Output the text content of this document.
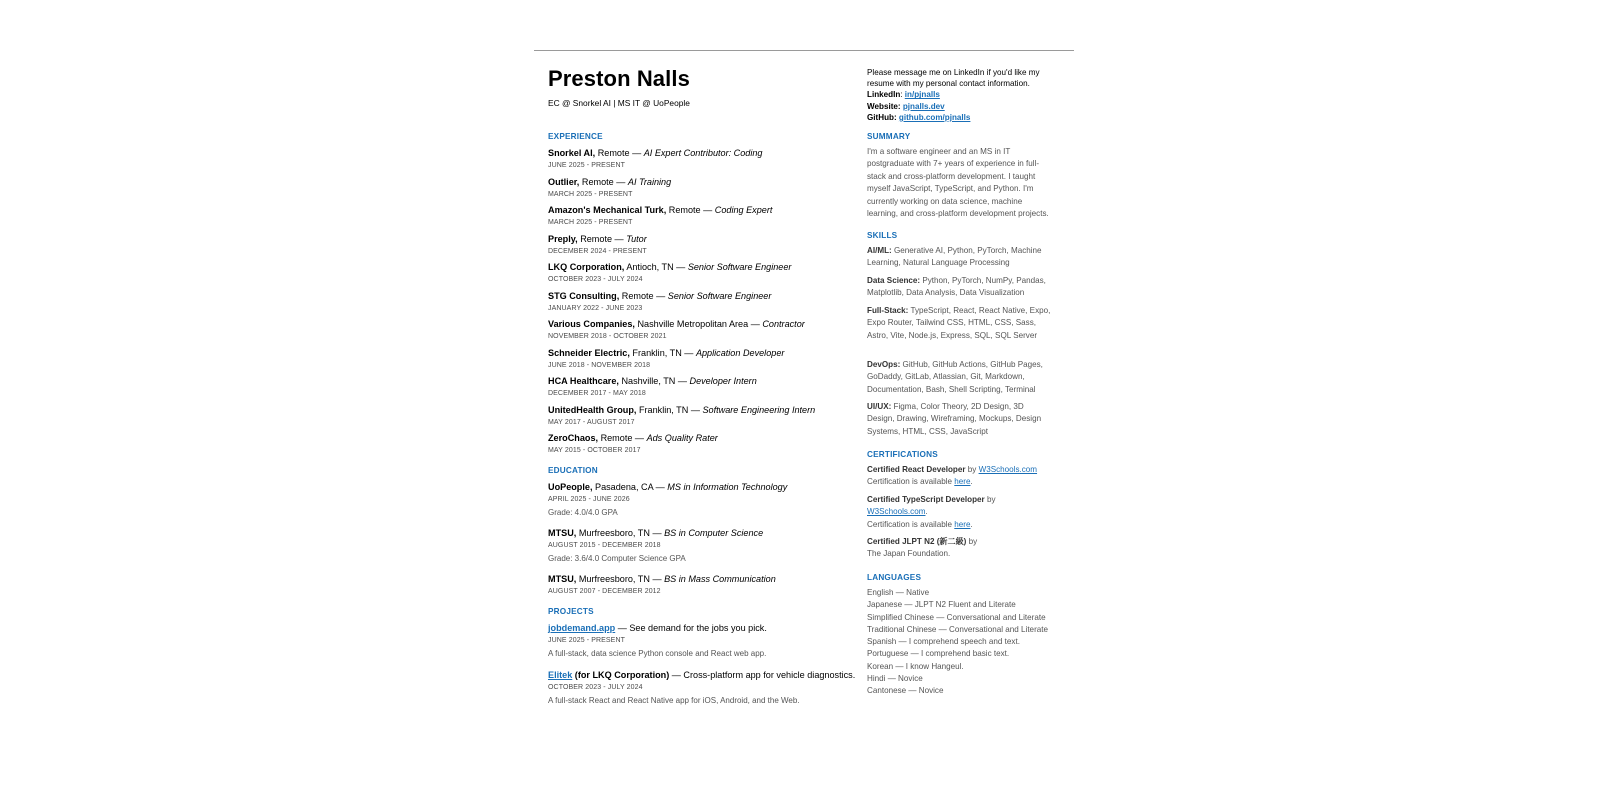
Preston Nalls
EC @ Snorkel AI | MS IT @ UoPeople
EXPERIENCE
Snorkel AI, Remote — AI Expert Contributor: Coding
JUNE 2025 - PRESENT
Outlier, Remote — AI Training
MARCH 2025 - PRESENT
Amazon's Mechanical Turk, Remote — Coding Expert
MARCH 2025 - PRESENT
Preply, Remote — Tutor
DECEMBER 2024 - PRESENT
LKQ Corporation, Antioch, TN — Senior Software Engineer
OCTOBER 2023 - JULY 2024
STG Consulting, Remote — Senior Software Engineer
JANUARY 2022 - JUNE 2023
Various Companies, Nashville Metropolitan Area — Contractor
NOVEMBER 2018 - OCTOBER 2021
Schneider Electric, Franklin, TN — Application Developer
JUNE 2018 - NOVEMBER 2018
HCA Healthcare, Nashville, TN — Developer Intern
DECEMBER 2017 - MAY 2018
UnitedHealth Group, Franklin, TN — Software Engineering Intern
MAY 2017 - AUGUST 2017
ZeroChaos, Remote — Ads Quality Rater
MAY 2015 - OCTOBER 2017
EDUCATION
UoPeople, Pasadena, CA — MS in Information Technology
APRIL 2025 - JUNE 2026
Grade: 4.0/4.0 GPA
MTSU, Murfreesboro, TN — BS in Computer Science
AUGUST 2015 - DECEMBER 2018
Grade: 3.6/4.0 Computer Science GPA
MTSU, Murfreesboro, TN — BS in Mass Communication
AUGUST 2007 - DECEMBER 2012
PROJECTS
jobdemand.app — See demand for the jobs you pick.
JUNE 2025 - PRESENT
A full-stack, data science Python console and React web app.
Elitek (for LKQ Corporation) — Cross-platform app for vehicle diagnostics.
OCTOBER 2023 - JULY 2024
A full-stack React and React Native app for iOS, Android, and the Web.
Please message me on LinkedIn if you'd like my resume with my personal contact information.
LinkedIn: in/pjnalls
Website: pjnalls.dev
GitHub: github.com/pjnalls
SUMMARY
I'm a software engineer and an MS in IT postgraduate with 7+ years of experience in full-stack and cross-platform development. I taught myself JavaScript, TypeScript, and Python. I'm currently working on data science, machine learning, and cross-platform development projects.
SKILLS
AI/ML: Generative AI, Python, PyTorch, Machine Learning, Natural Language Processing
Data Science: Python, PyTorch, NumPy, Pandas, Matplotlib, Data Analysis, Data Visualization
Full-Stack: TypeScript, React, React Native, Expo, Expo Router, Tailwind CSS, HTML, CSS, Sass, Astro, Vite, Node.js, Express, SQL, SQL Server
DevOps: GitHub, GitHub Actions, GitHub Pages, GoDaddy, GitLab, Atlassian, Git, Markdown, Documentation, Bash, Shell Scripting, Terminal
UI/UX: Figma, Color Theory, 2D Design, 3D Design, Drawing, Wireframing, Mockups, Design Systems, HTML, CSS, JavaScript
CERTIFICATIONS
Certified React Developer by W3Schools.com
Certification is available here.
Certified TypeScript Developer by
W3Schools.com.
Certification is available here.
Certified JLPT N2 (新二級) by
The Japan Foundation.
LANGUAGES
English — Native
Japanese — JLPT N2 Fluent and Literate
Simplified Chinese — Conversational and Literate
Traditional Chinese — Conversational and Literate
Spanish — I comprehend speech and text.
Portuguese — I comprehend basic text.
Korean — I know Hangeul.
Hindi — Novice
Cantonese — Novice
